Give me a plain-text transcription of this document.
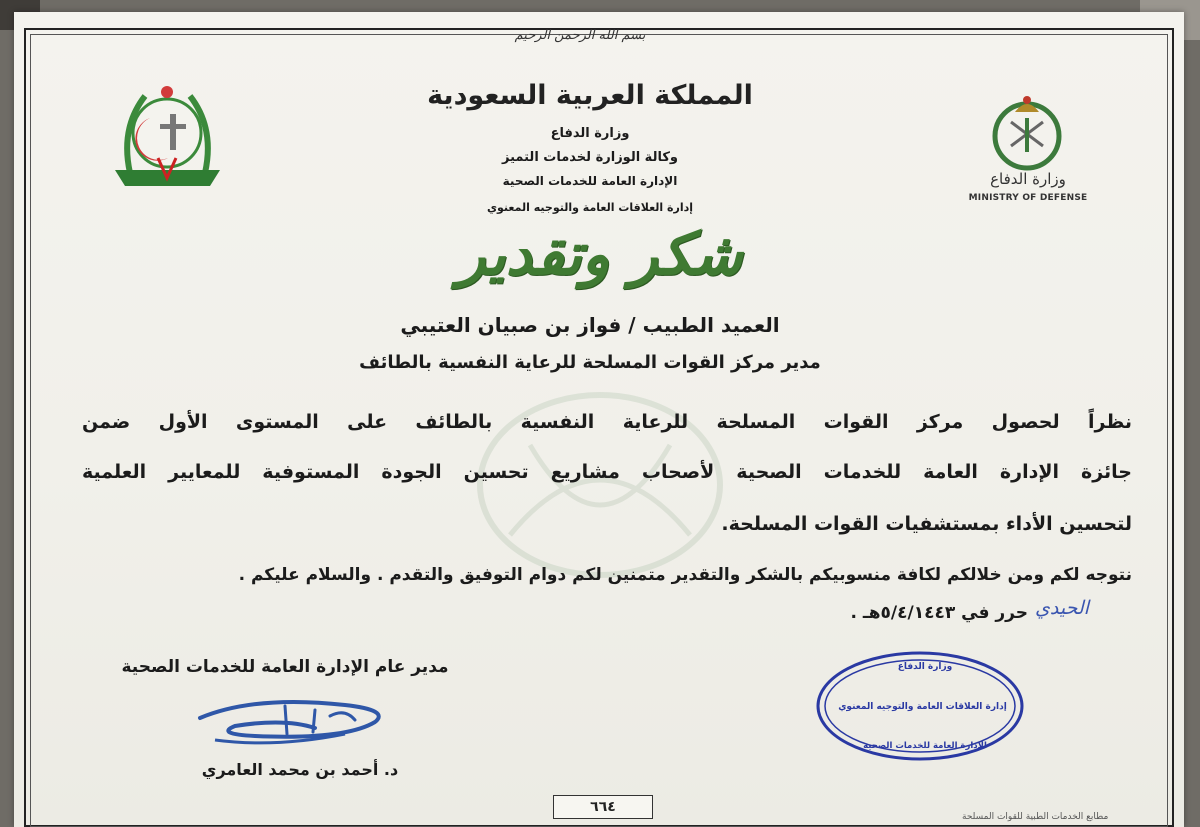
بسم الله الرحمن الرحيم
وزارة الدفاع
MINISTRY OF DEFENSE
المملكة العربية السعودية
وزارة الدفاع
وكالة الوزارة لخدمات التميز
الإدارة العامة للخدمات الصحية
إدارة العلاقات العامة والتوجيه المعنوي
شكر وتقدير
العميد الطبيب / فواز بن صبيان العتيبي
مدير مركز القوات المسلحة للرعاية النفسية بالطائف
نظراً لحصول مركز القوات المسلحة للرعاية النفسية بالطائف على المستوى الأول ضمن
جائزة الإدارة العامة للخدمات الصحية لأصحاب مشاريع تحسين الجودة المستوفية للمعايير العلمية
لتحسين الأداء بمستشفيات القوات المسلحة.
نتوجه لكم ومن خلالكم لكافة منسوبيكم بالشكر والتقدير متمنين لكم دوام التوفيق والتقدم . والسلام عليكم .
حرر في ٥/٤/١٤٤٣هـ . الحيدي
مدير عام الإدارة العامة للخدمات الصحية
د. أحمد بن محمد العامري
وزارة الدفاع
إدارة العلاقات العامة والتوجيه المعنوي
الإدارة العامة للخدمات الصحية
٦٦٤
مطابع الخدمات الطبية للقوات المسلحة
